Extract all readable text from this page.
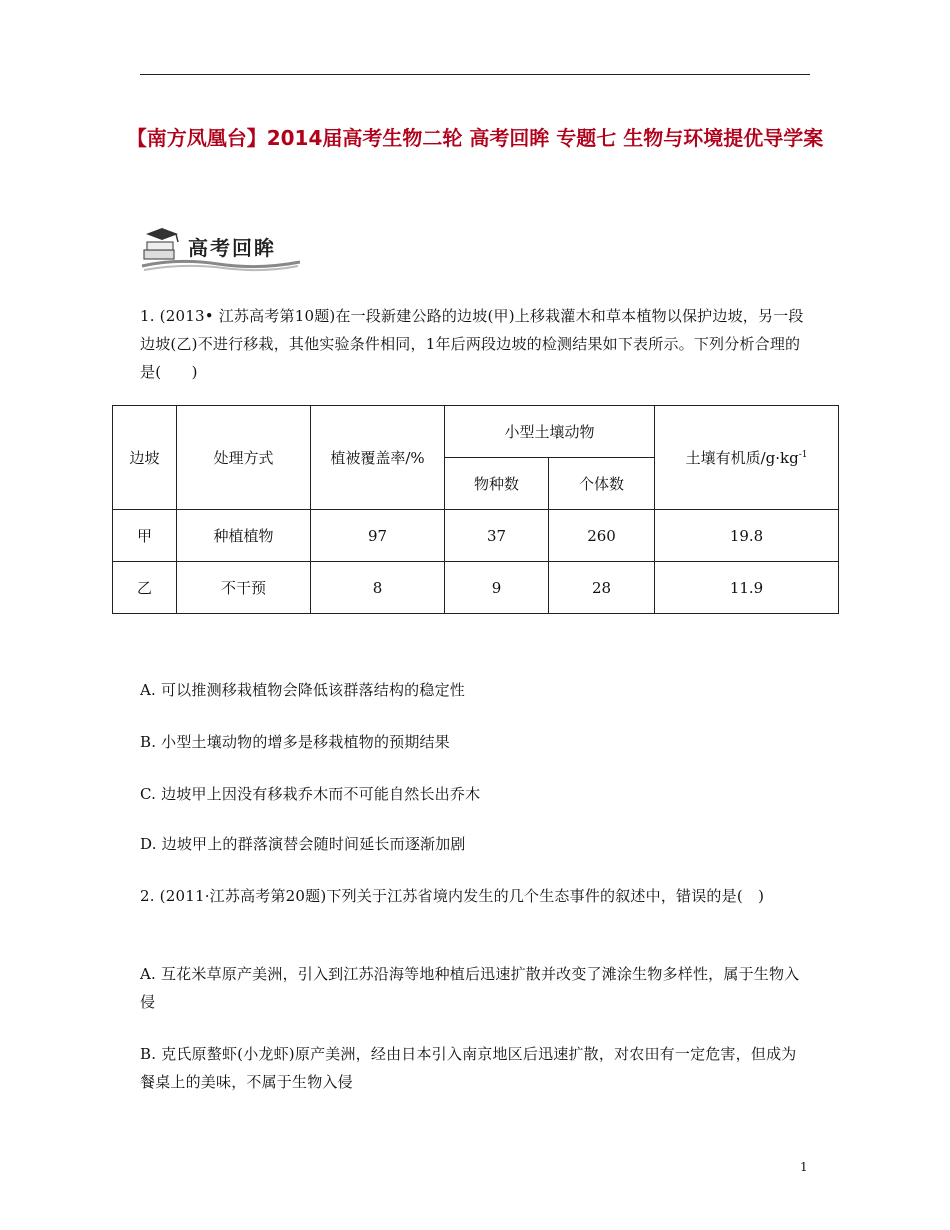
【南方凤凰台】2014届高考生物二轮 高考回眸 专题七 生物与环境提优导学案
高考回眸
1. (2013• 江苏高考第10题)在一段新建公路的边坡(甲)上移栽灌木和草本植物以保护边坡，另一段边坡(乙)不进行移栽，其他实验条件相同，1年后两段边坡的检测结果如下表所示。下列分析合理的是(　　)
边坡	处理方式	植被覆盖率/%	小型土壤动物		土壤有机质$/g\cdot kg^{-1}$
			物种数	个体数	
甲	种植植物	97	37	260	19.8
乙	不干预	8	9	28	11.9
A. 可以推测移栽植物会降低该群落结构的稳定性
B. 小型土壤动物的增多是移栽植物的预期结果
C. 边坡甲上因没有移栽乔木而不可能自然长出乔木
D. 边坡甲上的群落演替会随时间延长而逐渐加剧
2. (2011·江苏高考第20题)下列关于江苏省境内发生的几个生态事件的叙述中，错误的是(　)
A. 互花米草原产美洲，引入到江苏沿海等地种植后迅速扩散并改变了滩涂生物多样性，属于生物入侵
B. 克氏原螯虾(小龙虾)原产美洲，经由日本引入南京地区后迅速扩散，对农田有一定危害，但成为餐桌上的美味，不属于生物入侵
1
